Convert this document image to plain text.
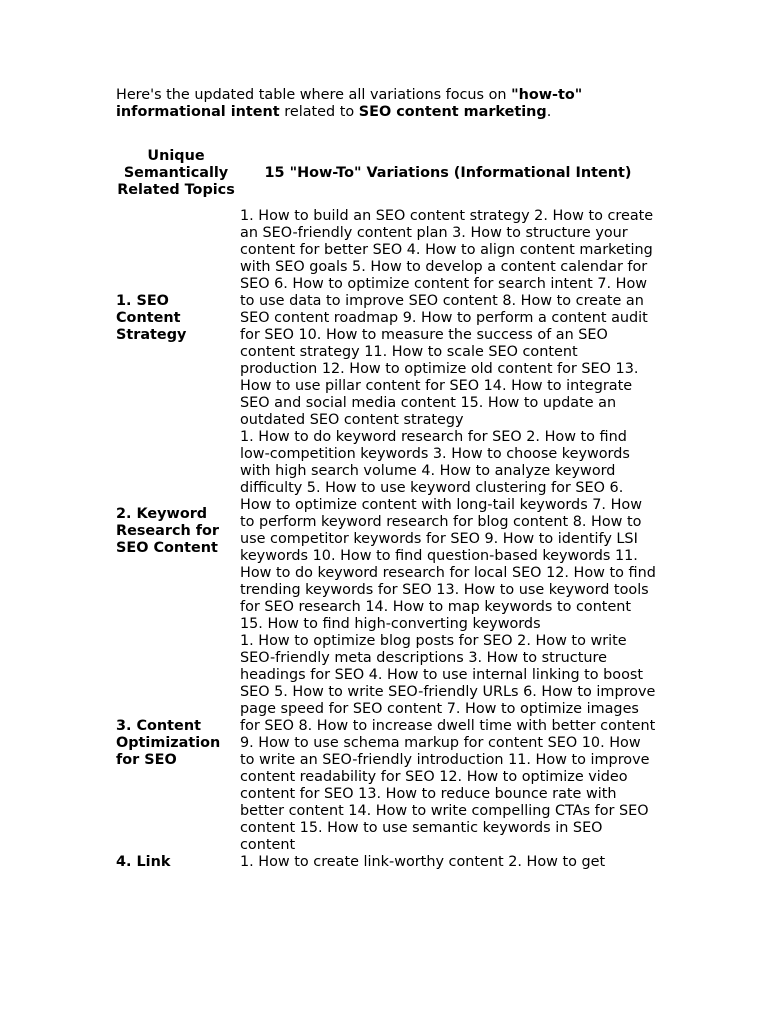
Here's the updated table where all variations focus on "how-to" informational intent related to SEO content marketing.

Unique Semantically Related Topics	15 "How-To" Variations (Informational Intent)
1. SEO Content Strategy	1. How to build an SEO content strategy 2. How to create an SEO-friendly content plan 3. How to structure your content for better SEO 4. How to align content marketing with SEO goals 5. How to develop a content calendar for SEO 6. How to optimize content for search intent 7. How to use data to improve SEO content 8. How to create an SEO content roadmap 9. How to perform a content audit for SEO 10. How to measure the success of an SEO content strategy 11. How to scale SEO content production 12. How to optimize old content for SEO 13. How to use pillar content for SEO 14. How to integrate SEO and social media content 15. How to update an outdated SEO content strategy
2. Keyword Research for SEO Content	1. How to do keyword research for SEO 2. How to find low-competition keywords 3. How to choose keywords with high search volume 4. How to analyze keyword difficulty 5. How to use keyword clustering for SEO 6. How to optimize content with long-tail keywords 7. How to perform keyword research for blog content 8. How to use competitor keywords for SEO 9. How to identify LSI keywords 10. How to find question-based keywords 11. How to do keyword research for local SEO 12. How to find trending keywords for SEO 13. How to use keyword tools for SEO research 14. How to map keywords to content 15. How to find high-converting keywords
3. Content Optimization for SEO	1. How to optimize blog posts for SEO 2. How to write SEO-friendly meta descriptions 3. How to structure headings for SEO 4. How to use internal linking to boost SEO 5. How to write SEO-friendly URLs 6. How to improve page speed for SEO content 7. How to optimize images for SEO 8. How to increase dwell time with better content 9. How to use schema markup for content SEO 10. How to write an SEO-friendly introduction 11. How to improve content readability for SEO 12. How to optimize video content for SEO 13. How to reduce bounce rate with better content 14. How to write compelling CTAs for SEO content 15. How to use semantic keywords in SEO content
4. Link	1. How to create link-worthy content 2. How to get
